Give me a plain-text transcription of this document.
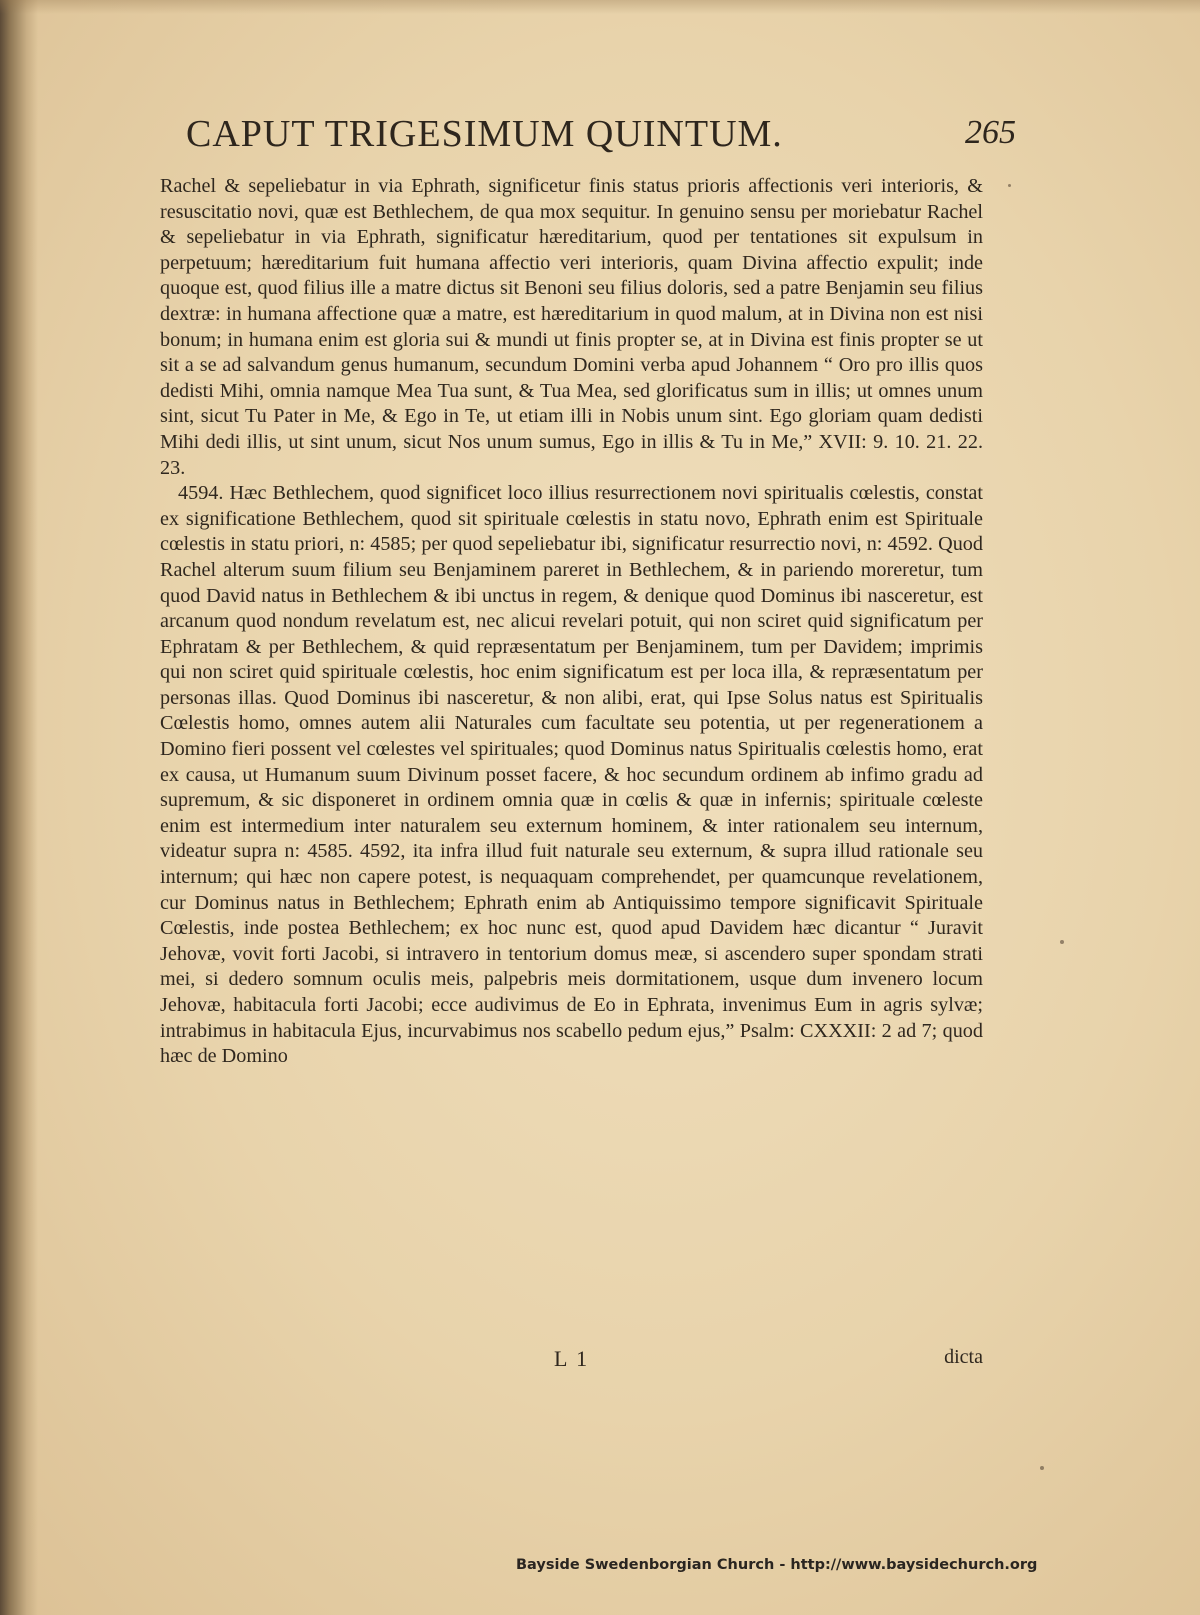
CAPUT TRIGESIMUM QUINTUM.	265

Rachel & sepeliebatur in via Ephrath, significetur finis status prioris affectionis veri interioris, & resuscitatio novi, quæ est Bethlechem, de qua mox sequitur. In genuino sensu per moriebatur Rachel & sepeliebatur in via Ephrath, significatur hæreditarium, quod per tentationes sit expulsum in perpetuum; hæreditarium fuit humana affectio veri interioris, quam Divina affectio expulit; inde quoque est, quod filius ille a matre dictus sit Benoni seu filius doloris, sed a patre Benjamin seu filius dextræ: in humana affectione quæ a matre, est hæreditarium in quod malum, at in Divina non est nisi bonum; in humana enim est gloria sui & mundi ut finis propter se, at in Divina est finis propter se ut sit a se ad salvandum genus humanum, secundum Domini verba apud Johannem “ Oro pro illis quos dedisti Mihi, omnia namque Mea Tua sunt, & Tua Mea, sed glorificatus sum in illis; ut omnes unum sint, sicut Tu Pater in Me, & Ego in Te, ut etiam illi in Nobis unum sint. Ego gloriam quam dedisti Mihi dedi illis, ut sint unum, sicut Nos unum sumus, Ego in illis & Tu in Me,” XVII: 9. 10. 21. 22. 23.

4594. Hæc Bethlechem, quod significet loco illius resurrectionem novi spiritualis cœlestis, constat ex significatione Bethlechem, quod sit spirituale cœlestis in statu novo, Ephrath enim est Spirituale cœlestis in statu priori, n: 4585; per quod sepeliebatur ibi, significatur resurrectio novi, n: 4592. Quod Rachel alterum suum filium seu Benjaminem pareret in Bethlechem, & in pariendo moreretur, tum quod David natus in Bethlechem & ibi unctus in regem, & denique quod Dominus ibi nasceretur, est arcanum quod nondum revelatum est, nec alicui revelari potuit, qui non sciret quid significatum per Ephratam & per Bethlechem, & quid repræsentatum per Benjaminem, tum per Davidem; imprimis qui non sciret quid spirituale cœlestis, hoc enim significatum est per loca illa, & repræsentatum per personas illas. Quod Dominus ibi nasceretur, & non alibi, erat, qui Ipse Solus natus est Spiritualis Cœlestis homo, omnes autem alii Naturales cum facultate seu potentia, ut per regenerationem a Domino fieri possent vel cœlestes vel spirituales; quod Dominus natus Spiritualis cœlestis homo, erat ex causa, ut Humanum suum Divinum posset facere, & hoc secundum ordinem ab infimo gradu ad supremum, & sic disponeret in ordinem omnia quæ in cœlis & quæ in infernis; spirituale cœleste enim est intermedium inter naturalem seu externum hominem, & inter rationalem seu internum, videatur supra n: 4585. 4592, ita infra illud fuit naturale seu externum, & supra illud rationale seu internum; qui hæc non capere potest, is nequaquam comprehendet, per quamcunque revelationem, cur Dominus natus in Bethlechem; Ephrath enim ab Antiquissimo tempore significavit Spirituale Cœlestis, inde postea Bethlechem; ex hoc nunc est, quod apud Davidem hæc dicantur “ Juravit Jehovæ, vovit forti Jacobi, si intravero in tentorium domus meæ, si ascendero super spondam strati mei, si dedero somnum oculis meis, palpebris meis dormitationem, usque dum invenero locum Jehovæ, habitacula forti Jacobi; ecce audivimus de Eo in Ephrata, invenimus Eum in agris sylvæ; intrabimus in habitacula Ejus, incurvabimus nos scabello pedum ejus,” Psalm: CXXXII: 2 ad 7; quod hæc de Domino

L 1	dicta
Bayside Swedenborgian Church - http://www.baysidechurch.org
